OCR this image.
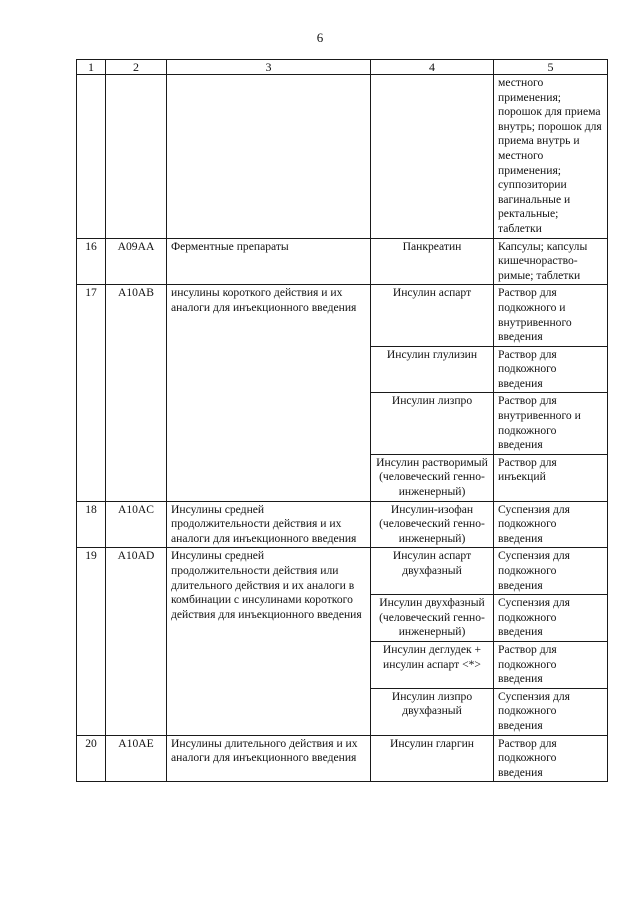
6
1	2	3	4	5
				местного применения; порошок для приема внутрь; порошок для приема внутрь и местного применения; суппозитории вагинальные и ректальные; таблетки
16	A09AA	Ферментные препараты	Панкреатин	Капсулы; капсулы кишечнораство-римые; таблетки
17	A10AB	инсулины короткого действия и их аналоги для инъекционного введения	Инсулин аспарт	Раствор для подкожного и внутривенного введения
			Инсулин глулизин	Раствор для подкожного введения
			Инсулин лизпро	Раствор для внутривенного и подкожного введения
			Инсулин растворимый (человеческий генно-инженерный)	Раствор для инъекций
18	A10AC	Инсулины средней продолжительности действия и их аналоги для инъекционного введения	Инсулин-изофан (человеческий генно-инженерный)	Суспензия для подкожного введения
19	A10AD	Инсулины средней продолжительности действия или длительного действия и их аналоги в комбинации с инсулинами короткого действия для инъекционного введения	Инсулин аспарт двухфазный	Суспензия для подкожного введения
			Инсулин двухфазный (человеческий генно-инженерный)	Суспензия для подкожного введения
			Инсулин деглудек + инсулин аспарт <*>	Раствор для подкожного введения
			Инсулин лизпро двухфазный	Суспензия для подкожного введения
20	A10AE	Инсулины длительного действия и их аналоги для инъекционного введения	Инсулин гларгин	Раствор для подкожного введения
